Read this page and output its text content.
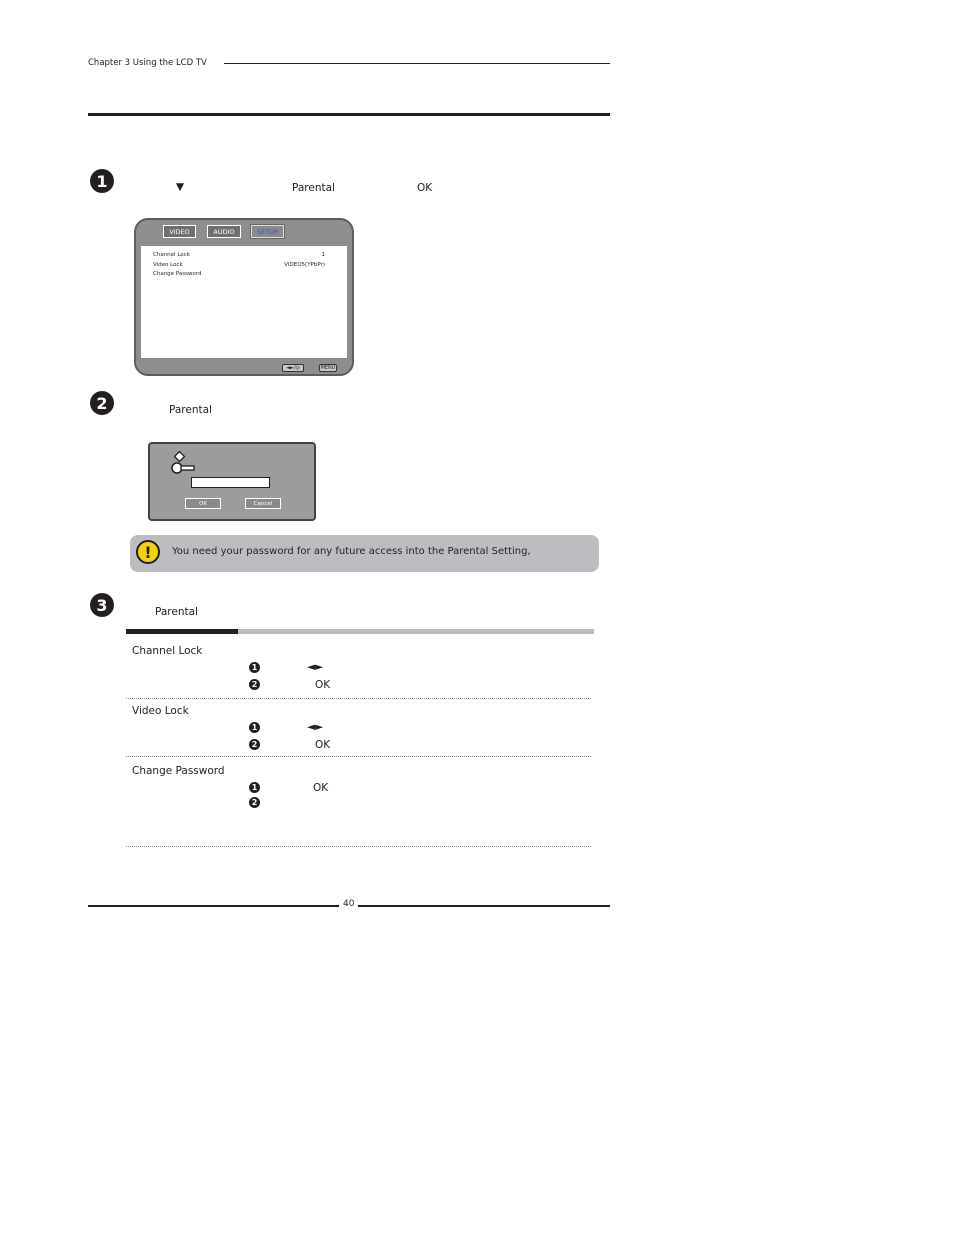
Chapter 3 Using the LCD TV
1	▼	Parental	OK
VIDEO	AUDIO	SETUP
Channel Lock	1
Video Lock	VIDEO5(YPbPr)
Change Password
◄►/◎	MENU
2	Parental
OK	Cancel
!	You need your password for any future access into the Parental Setting,
3	Parental
Channel Lock
1	◄►
2	OK
Video Lock
1	◄►
2	OK
Change Password
1	OK
2
40
